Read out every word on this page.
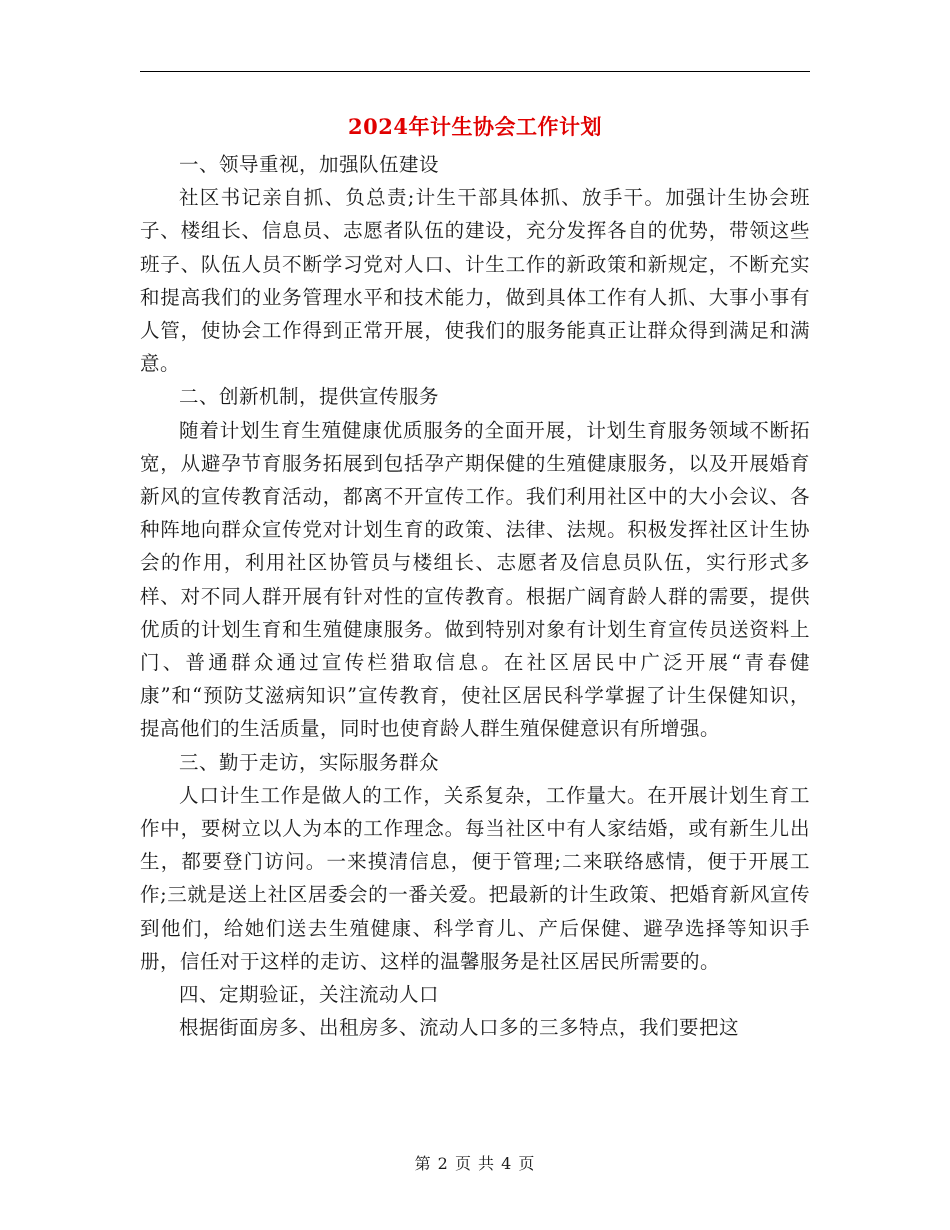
2024年计生协会工作计划

一、领导重视，加强队伍建设

社区书记亲自抓、负总责;计生干部具体抓、放手干。加强计生协会班子、楼组长、信息员、志愿者队伍的建设，充分发挥各自的优势，带领这些班子、队伍人员不断学习党对人口、计生工作的新政策和新规定，不断充实和提高我们的业务管理水平和技术能力，做到具体工作有人抓、大事小事有人管，使协会工作得到正常开展，使我们的服务能真正让群众得到满足和满意。

二、创新机制，提供宣传服务

随着计划生育生殖健康优质服务的全面开展，计划生育服务领域不断拓宽，从避孕节育服务拓展到包括孕产期保健的生殖健康服务，以及开展婚育新风的宣传教育活动，都离不开宣传工作。我们利用社区中的大小会议、各种阵地向群众宣传党对计划生育的政策、法律、法规。积极发挥社区计生协会的作用，利用社区协管员与楼组长、志愿者及信息员队伍，实行形式多样、对不同人群开展有针对性的宣传教育。根据广阔育龄人群的需要，提供优质的计划生育和生殖健康服务。做到特别对象有计划生育宣传员送资料上门、普通群众通过宣传栏猎取信息。在社区居民中广泛开展“青春健康”和“预防艾滋病知识”宣传教育，使社区居民科学掌握了计生保健知识，提高他们的生活质量，同时也使育龄人群生殖保健意识有所增强。

三、勤于走访，实际服务群众

人口计生工作是做人的工作，关系复杂，工作量大。在开展计划生育工作中，要树立以人为本的工作理念。每当社区中有人家结婚，或有新生儿出生，都要登门访问。一来摸清信息，便于管理;二来联络感情，便于开展工作;三就是送上社区居委会的一番关爱。把最新的计生政策、把婚育新风宣传到他们，给她们送去生殖健康、科学育儿、产后保健、避孕选择等知识手册，信任对于这样的走访、这样的温馨服务是社区居民所需要的。

四、定期验证，关注流动人口

根据街面房多、出租房多、流动人口多的三多特点，我们要把这

第 2 页 共 4 页
